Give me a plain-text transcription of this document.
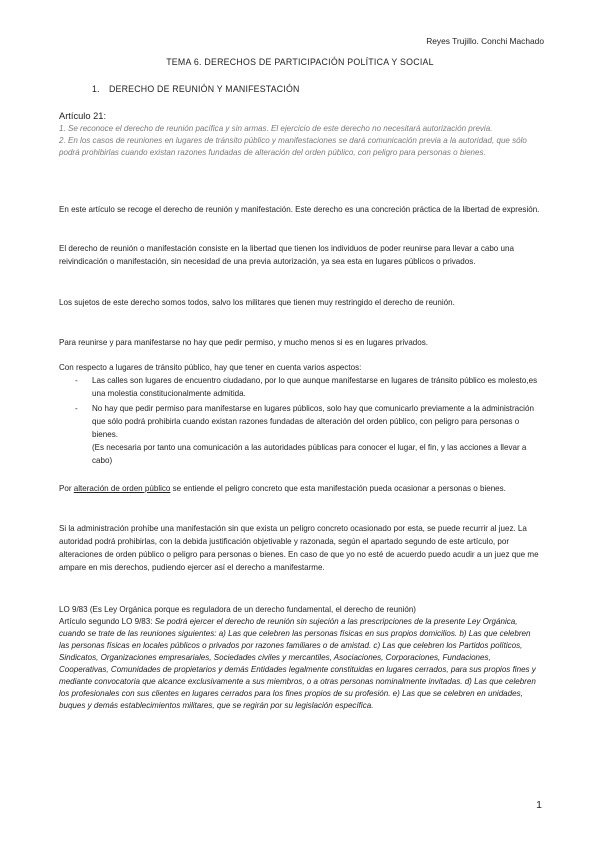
Reyes Trujillo. Conchi Machado
TEMA 6. DERECHOS DE PARTICIPACIÓN POLÍTICA Y SOCIAL
1. DERECHO DE REUNIÓN Y MANIFESTACIÓN

Artículo 21:

1. Se reconoce el derecho de reunión pacífica y sin armas. El ejercicio de este derecho no necesitará autorización previa.

2. En los casos de reuniones en lugares de tránsito público y manifestaciones se dará comunicación previa a la autoridad, que sólo podrá prohibirlas cuando existan razones fundadas de alteración del orden público, con peligro para personas o bienes.

En este artículo se recoge el derecho de reunión y manifestación. Este derecho es una concreción práctica de la libertad de expresión.

El derecho de reunión o manifestación consiste en la libertad que tienen los individuos de poder reunirse para llevar a cabo una reivindicación o manifestación, sin necesidad de una previa autorización, ya sea esta en lugares públicos o privados.

Los sujetos de este derecho somos todos, salvo los militares que tienen muy restringido el derecho de reunión.

Para reunirse y para manifestarse no hay que pedir permiso, y mucho menos si es en lugares privados.

Con respecto a lugares de tránsito público, hay que tener en cuenta varios aspectos:

- Las calles son lugares de encuentro ciudadano, por lo que aunque manifestarse en lugares de tránsito público es molesto,es una molestia constitucionalmente admitida.

- No hay que pedir permiso para manifestarse en lugares públicos, solo hay que comunicarlo previamente a la administración que sólo podrá prohibirla cuando existan razones fundadas de alteración del orden público, con peligro para personas o bienes.

(Es necesaria por tanto una comunicación a las autoridades públicas para conocer el lugar, el fin, y las acciones a llevar a cabo)

Por alteración de orden público se entiende el peligro concreto que esta manifestación pueda ocasionar a personas o bienes.

Si la administración prohíbe una manifestación sin que exista un peligro concreto ocasionado por esta, se puede recurrir al juez. La autoridad podrá prohibirlas, con la debida justificación objetivable y razonada, según el apartado segundo de este artículo, por alteraciones de orden público o peligro para personas o bienes. En caso de que yo no esté de acuerdo puedo acudir a un juez que me ampare en mis derechos, pudiendo ejercer así el derecho a manifestarme.

LO 9/83 (Es Ley Orgánica porque es reguladora de un derecho fundamental, el derecho de reunión)

Artículo segundo LO 9/83: Se podrá ejercer el derecho de reunión sin sujeción a las prescripciones de la presente Ley Orgánica, cuando se trate de las reuniones siguientes: a) Las que celebren las personas físicas en sus propios domicilios. b) Las que celebren las personas físicas en locales públicos o privados por razones familiares o de amistad. c) Las que celebren los Partidos políticos, Sindicatos, Organizaciones empresariales, Sociedades civiles y mercantiles, Asociaciones, Corporaciones, Fundaciones, Cooperativas, Comunidades de propietarios y demás Entidades legalmente constituidas en lugares cerrados, para sus propios fines y mediante convocatoria que alcance exclusivamente a sus miembros, o a otras personas nominalmente invitadas. d) Las que celebren los profesionales con sus clientes en lugares cerrados para los fines propios de su profesión. e) Las que se celebren en unidades, buques y demás establecimientos militares, que se regirán por su legislación específica.

1
